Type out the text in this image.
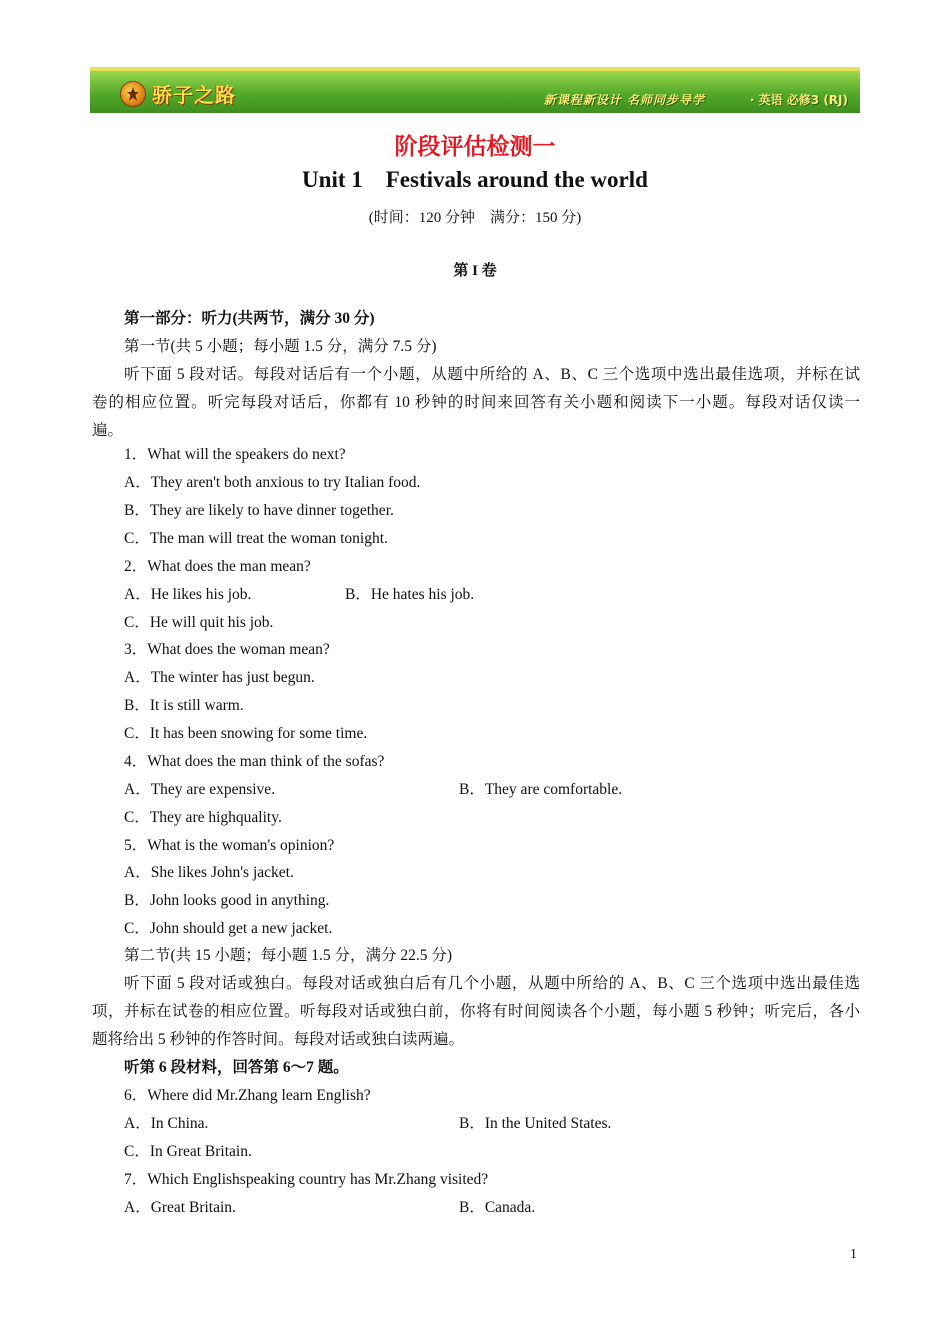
骄子之路	新课程新设计 名师同步导学	· 英语 必修3 (RJ)
阶段评估检测一
Unit 1    Festivals around the world
(时间：120 分钟    满分：150 分)
第 I 卷
第一部分：听力(共两节，满分 30 分)
第一节(共 5 小题；每小题 1.5 分，满分 7.5 分)
听下面 5 段对话。每段对话后有一个小题，从题中所给的 A、B、C 三个选项中选出最佳选项，并标在试
卷的相应位置。听完每段对话后，你都有 10 秒钟的时间来回答有关小题和阅读下一小题。每段对话仅读一
遍。
1．What will the speakers do next?
A．They aren't both anxious to try Italian food.
B．They are likely to have dinner together.
C．The man will treat the woman tonight.
2．What does the man mean?
A．He likes his job.	B．He hates his job.
C．He will quit his job.
3．What does the woman mean?
A．The winter has just begun.
B．It is still warm.
C．It has been snowing for some time.
4．What does the man think of the sofas?
A．They are expensive.	B．They are comfortable.
C．They are highquality.
5．What is the woman's opinion?
A．She likes John's jacket.
B．John looks good in anything.
C．John should get a new jacket.
第二节(共 15 小题；每小题 1.5 分，满分 22.5 分)
听下面 5 段对话或独白。每段对话或独白后有几个小题，从题中所给的 A、B、C 三个选项中选出最佳选
项，并标在试卷的相应位置。听每段对话或独白前，你将有时间阅读各个小题，每小题 5 秒钟；听完后，各小
题将给出 5 秒钟的作答时间。每段对话或独白读两遍。
听第 6 段材料，回答第 6～7 题。
6．Where did Mr.Zhang learn English?
A．In China.	B．In the United States.
C．In Great Britain.
7．Which Englishspeaking country has Mr.Zhang visited?
A．Great Britain.	B．Canada.
1
